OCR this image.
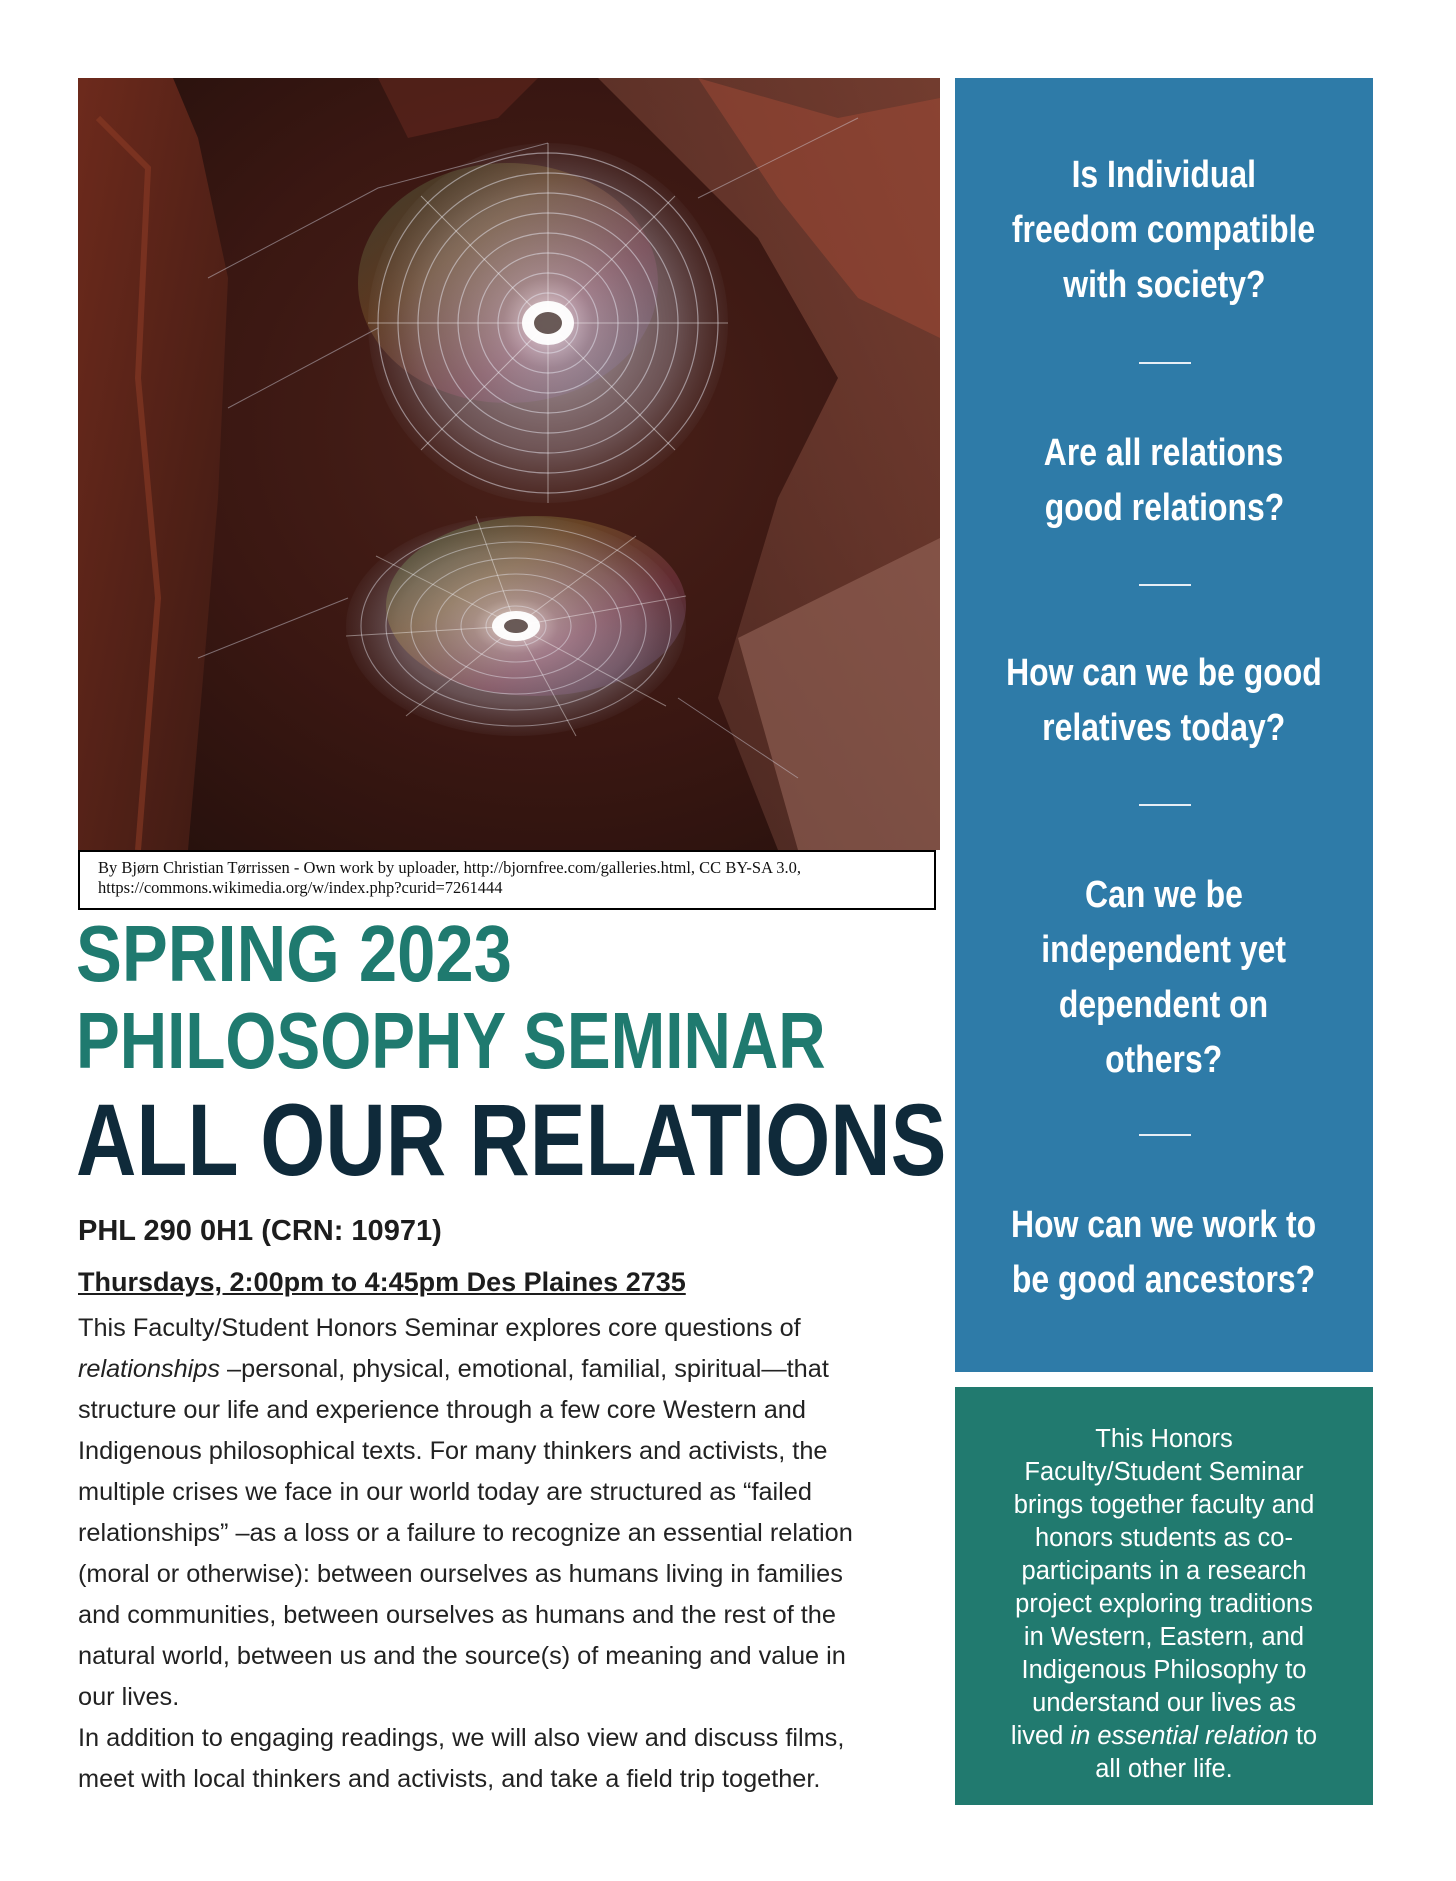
By Bjørn Christian Tørrissen - Own work by uploader, http://bjornfree.com/galleries.html, CC BY-SA 3.0,
https://commons.wikimedia.org/w/index.php?curid=7261444
SPRING 2023
PHILOSOPHY SEMINAR
ALL OUR RELATIONS
PHL 290 0H1 (CRN: 10971)
Thursdays, 2:00pm to 4:45pm Des Plaines 2735

This Faculty/Student Honors Seminar explores core questions of

relationships –personal, physical, emotional, familial, spiritual—that

structure our life and experience through a few core Western and

Indigenous philosophical texts. For many thinkers and activists, the

multiple crises we face in our world today are structured as “failed

relationships” –as a loss or a failure to recognize an essential relation

(moral or otherwise): between ourselves as humans living in families

and communities, between ourselves as humans and the rest of the

natural world, between us and the source(s) of meaning and value in

our lives.

In addition to engaging readings, we will also view and discuss films,

meet with local thinkers and activists, and take a field trip together.

Is Individual
freedom compatible
with society?
Are all relations
good relations?
How can we be good
relatives today?
Can we be
independent yet
dependent on
others?
How can we work to
be good ancestors?
This Honors
Faculty/Student Seminar
brings together faculty and
honors students as co-
participants in a research
project exploring traditions
in Western, Eastern, and
Indigenous Philosophy to
understand our lives as
lived in essential relation to
all other life.
